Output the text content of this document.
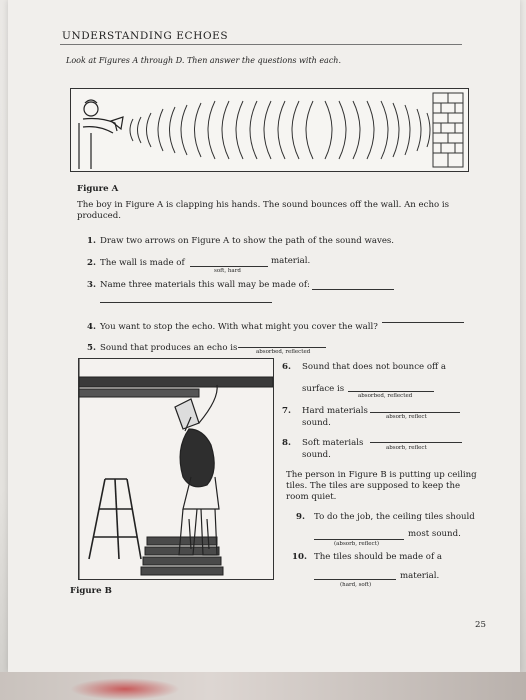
UNDERSTANDING ECHOES
Look at Figures A through D. Then answer the questions with each.
Figure A
The boy in Figure A is clapping his hands. The sound bounces off the wall. An echo is
produced.
1. Draw two arrows on Figure A to show the path of the sound waves.
2. The wall is made of
soft, hard
material.
3. Name three materials this wall may be made of:
4. You want to stop the echo. With what might you cover the wall?
5. Sound that produces an echo is	absorbed, reflected
Figure B
6. Sound that does not bounce off a
surface is
absorbed, reflected
7. Hard materials
absorb, reflect
sound.
8. Soft materials	absorb, reflect
sound.
The person in Figure B is putting up ceiling
tiles. The tiles are supposed to keep the
room quiet.
9. To do the job, the ceiling tiles should
most sound.
(absorb, reflect)
10. The tiles should be made of a
material.
(hard, soft)
25
